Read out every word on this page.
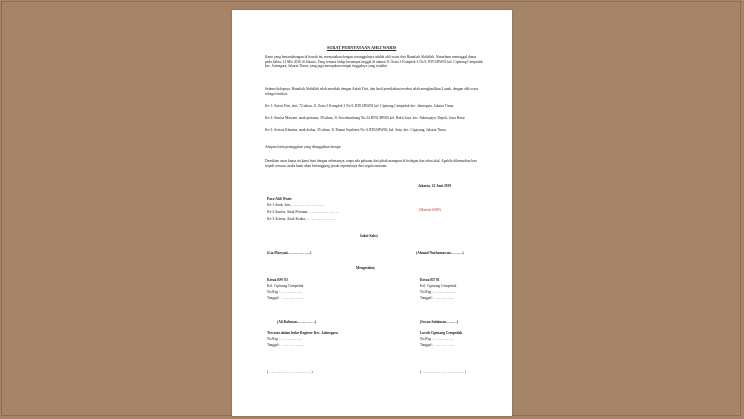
SURAT PERNYATAAN AHLI WARIS
Kami yang bertandatangan di bawah ini, menyatakan dengan sesungguhnya adalah ahli waris dari Hanafiah Abdullah. Almarhum meninggal dunia pada Sabtu, 21 Mei 2016 di Jakarta. Yang semasa hidup bertempat tinggal di alamat Jl. Orata 3 Komplek 3 No.9, RT01/RW03 kel. Cipinang Cempedak kec. Jatinegara, Jakarta Timur, yang juga merupakan tempat tinggalnya yang terakhir
Selama hidupnya, Hanafiah Abdullah telah menikah dengan Aniati Fitri, dan hasil pernikahan tersebut telah menghasilkan 2 anak, dengan ahli waris sebagai berikut:
Ke-1: Aniati Fitri, istri, 72 tahun, Jl. Orata 3 Komplek 3 No.9, RT01/RW03 kel. Cipinang Cempedak kec. Jatinegara, Jakarta Timur
Ke-2: Annisa Maryani, anak pertama, 39 tahun, Jl. Sosrokumbang No.34 RT01/RW06 kel. Bakti Jaya, kec. Sukmajaya, Depok, Jawa Barat
Ke-3: Ariesta Khaniza, anak kedua, 35 tahun, Jl. Damai Sejahtera No. 6 RT02/RW06, kel. Sutu, kec. Cipayung, Jakarta Timur
Adapun harta peninggalan yang ditinggalkan berupa:
Demikian surat kuasa ini kami buat dengan sebenarnya, tanpa ada paksaan dari pihak manapun di bedagan dan sehat akal. Apabila dikemudian hari terjadi sesuatu, maka kami akan bertanggung jawab sepenuhnya dari segala tuntutan.
Jakarta, 22 Juni 2019
Para Ahli Waris
Ke-1 Anak, Istri,……………………….
Ke-2 Annisa, Anak Pertama,……………………..
Ke-3 Ariesta, Anak Kedua,…………………….
(Materai 6000)
Saksi-Saksi
(Lia Maryani……………….)	(Ahmad Nurhamawan……….)
Mengetahui,
Ketua RW 03
Kel. Cipinang Cempedak
No.Reg : ………………
Tanggal : ……………….
Ketua RT 01
Kel. Cipinang Cempedak
No.Reg : ……………….
Tanggal : ……………..
(Ali Rahman……………)	(Irwan Sulaiman………)
Tercatat dalam buku Register Kec. Jatinegara
No.Reg : ………………
Tanggal : ……………….
Lurah Cipinang Cempedak
No.Reg : ……………..
Tanggal : ……………..
(………………………………)	(………………………………)
